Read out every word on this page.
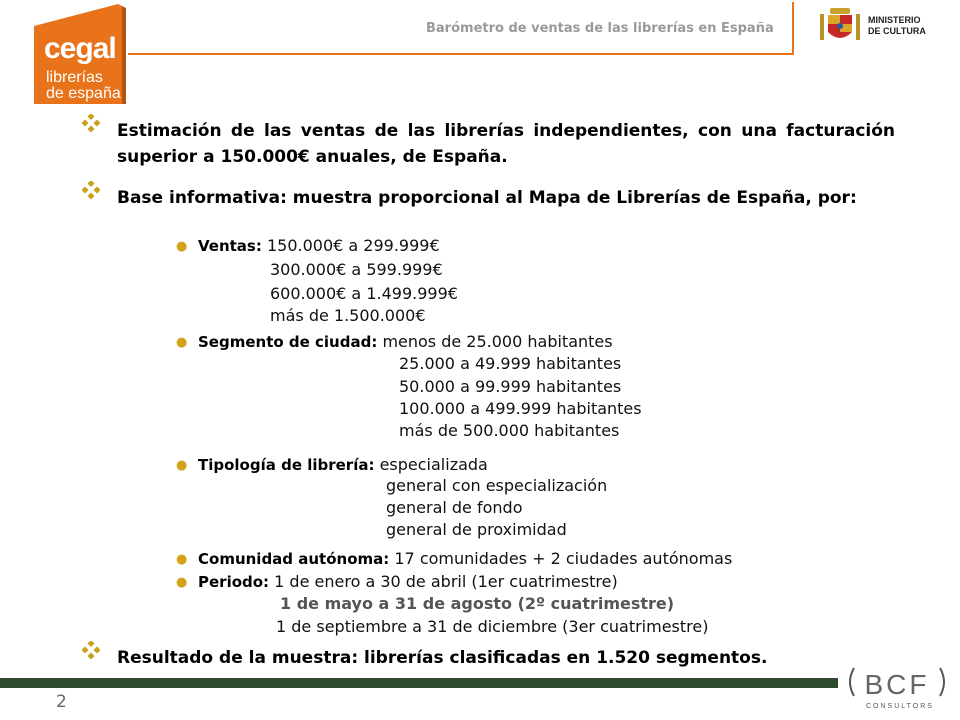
cegal
librerías
de españa
Barómetro de ventas de las librerías en España
MINISTERIO
DE CULTURA
Estimación de las ventas de las librerías independientes, con una facturación superior a 150.000€ anuales, de España.
Base informativa: muestra proporcional al Mapa de Librerías de España, por:
● Ventas: 150.000€ a 299.999€
300.000€ a 599.999€
600.000€ a 1.499.999€
más de 1.500.000€
● Segmento de ciudad: menos de 25.000 habitantes
25.000 a 49.999 habitantes
50.000 a 99.999 habitantes
100.000 a 499.999 habitantes
más de 500.000 habitantes
● Tipología de librería: especializada
general con especialización
general de fondo
general de proximidad
● Comunidad autónoma: 17 comunidades + 2 ciudades autónomas
● Periodo: 1 de enero a 30 de abril (1er cuatrimestre)
1 de mayo a 31 de agosto (2º cuatrimestre)
1 de septiembre a 31 de diciembre (3er cuatrimestre)
Resultado de la muestra: librerías clasificadas en 1.520 segmentos.
2
BCF
CONSULTORS
